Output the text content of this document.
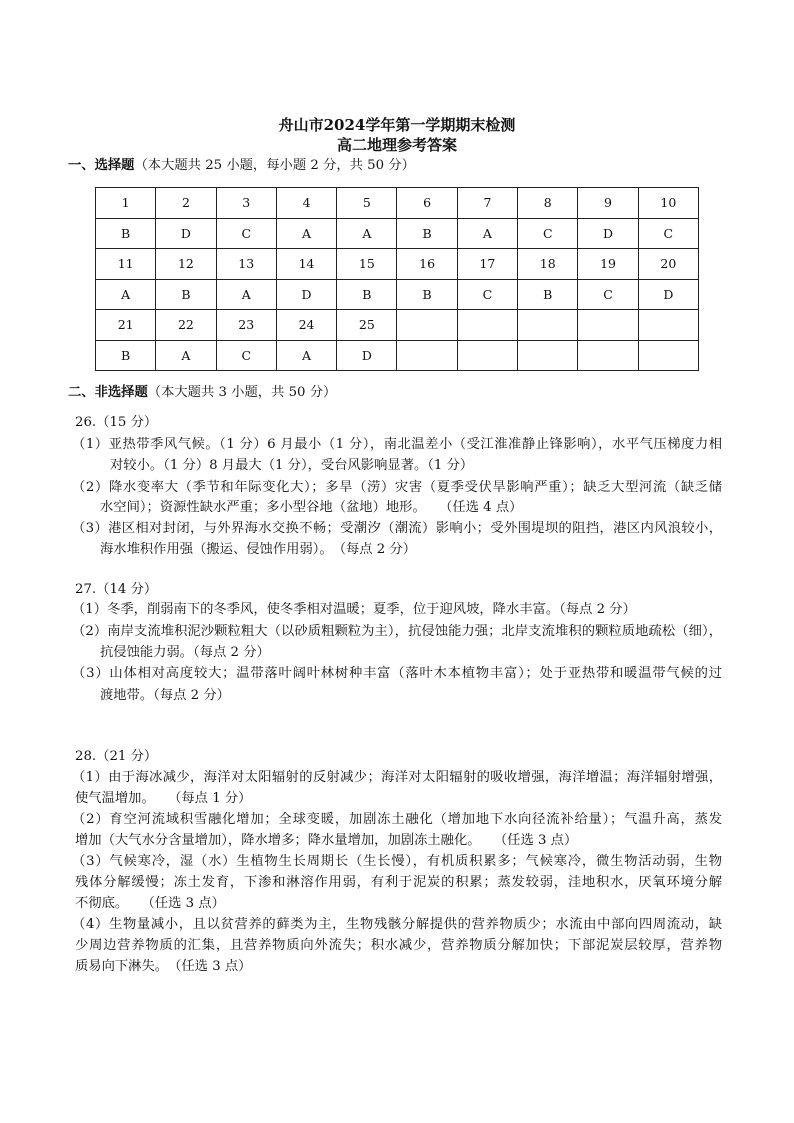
舟山市2024学年第一学期期末检测
高二地理参考答案
一、选择题（本大题共 25 小题，每小题 2 分，共 50 分）
1	2	3	4	5	6	7	8	9	10
B	D	C	A	A	B	A	C	D	C
11	12	13	14	15	16	17	18	19	20
A	B	A	D	B	B	C	B	C	D
21	22	23	24	25					
B	A	C	A	D					
二、非选择题（本大题共 3 小题，共 50 分）
26.（15 分）
（1）亚热带季风气候。（1 分）6 月最小（1 分），南北温差小（受江淮准静止锋影响），水平气压梯度力相
对较小。（1 分）8 月最大（1 分），受台风影响显著。（1 分）
（2）降水变率大（季节和年际变化大）；多旱（涝）灾害（夏季受伏旱影响严重）；缺乏大型河流（缺乏储
水空间）；资源性缺水严重；多小型谷地（盆地）地形。　　（任选 4 点）
（3）港区相对封闭，与外界海水交换不畅；受潮汐（潮流）影响小；受外围堤坝的阻挡，港区内风浪较小，
海水堆积作用强（搬运、侵蚀作用弱）。　（每点 2 分）
27.（14 分）
（1）冬季，削弱南下的冬季风，使冬季相对温暖；夏季，位于迎风坡，降水丰富。（每点 2 分）
（2）南岸支流堆积泥沙颗粒粗大（以砂质粗颗粒为主），抗侵蚀能力强；北岸支流堆积的颗粒质地疏松（细），
抗侵蚀能力弱。（每点 2 分）
（3）山体相对高度较大；温带落叶阔叶林树种丰富（落叶木本植物丰富）；处于亚热带和暖温带气候的过
渡地带。（每点 2 分）
28.（21 分）
（1）由于海冰减少，海洋对太阳辐射的反射减少；海洋对太阳辐射的吸收增强，海洋增温；海洋辐射增强，
使气温增加。　　（每点 1 分）
（2）育空河流域积雪融化增加；全球变暖，加剧冻土融化（增加地下水向径流补给量）；气温升高，蒸发
增加（大气水分含量增加），降水增多；降水量增加，加剧冻土融化。　　（任选 3 点）
（3）气候寒冷，湿（水）生植物生长周期长（生长慢），有机质积累多；气候寒冷，微生物活动弱，生物
残体分解缓慢；冻土发育，下渗和淋溶作用弱，有利于泥炭的积累；蒸发较弱，洼地积水，厌氧环境分解
不彻底。　　（任选 3 点）
（4）生物量减小，且以贫营养的藓类为主，生物残骸分解提供的营养物质少；水流由中部向四周流动，缺
少周边营养物质的汇集，且营养物质向外流失；积水减少，营养物质分解加快；下部泥炭层较厚，营养物
质易向下淋失。　（任选 3 点）
